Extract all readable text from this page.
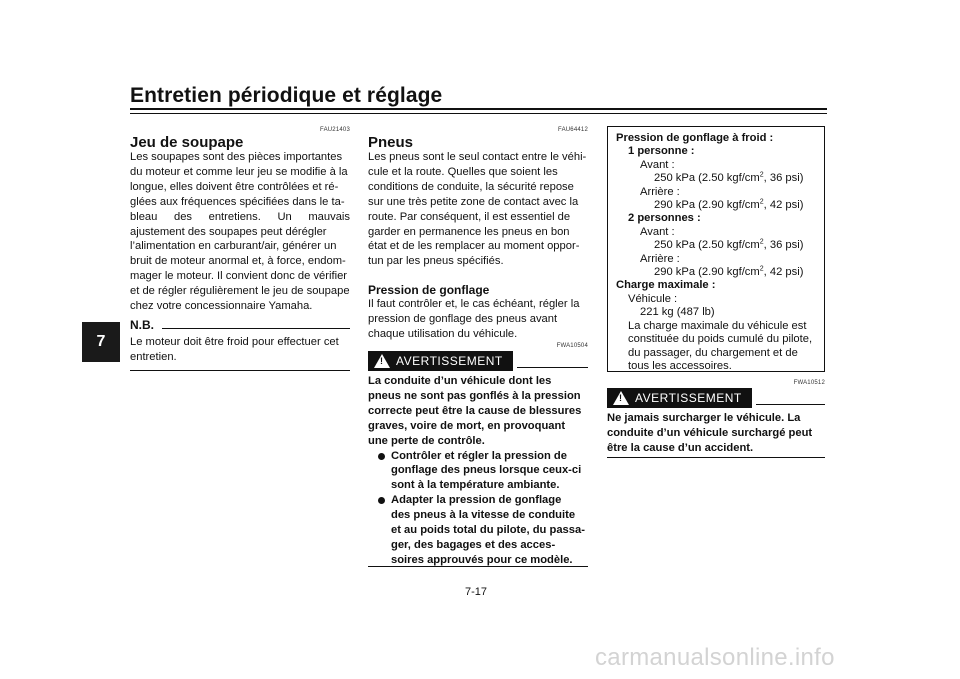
Entretien périodique et réglage
7
FAU21403
Jeu de soupape
Les soupapes sont des pièces importantes
du moteur et comme leur jeu se modifie à la
longue, elles doivent être contrôlées et ré-
glées aux fréquences spécifiées dans le ta-
bleau des entretiens. Un mauvais
ajustement des soupapes peut dérégler
l’alimentation en carburant/air, générer un
bruit de moteur anormal et, à force, endom-
mager le moteur. Il convient donc de vérifier
et de régler régulièrement le jeu de soupape
chez votre concessionnaire Yamaha.
N.B.
Le moteur doit être froid pour effectuer cet
entretien.
FAU64412
Pneus
Les pneus sont le seul contact entre le véhi-
cule et la route. Quelles que soient les
conditions de conduite, la sécurité repose
sur une très petite zone de contact avec la
route. Par conséquent, il est essentiel de
garder en permanence les pneus en bon
état et de les remplacer au moment oppor-
tun par les pneus spécifiés.
Pression de gonflage
Il faut contrôler et, le cas échéant, régler la
pression de gonflage des pneus avant
chaque utilisation du véhicule.
FWA10504
! AVERTISSEMENT
La conduite d’un véhicule dont les
pneus ne sont pas gonflés à la pression
correcte peut être la cause de blessures
graves, voire de mort, en provoquant
une perte de contrôle.
Contrôler et régler la pression de
gonflage des pneus lorsque ceux-ci
sont à la température ambiante.
Adapter la pression de gonflage
des pneus à la vitesse de conduite
et au poids total du pilote, du passa-
ger, des bagages et des acces-
soires approuvés pour ce modèle.
Pression de gonflage à froid :
1 personne :
Avant :
250 kPa (2.50 kgf/$cm^2$, 36 psi)
Arrière :
290 kPa (2.90 kgf/$cm^2$, 42 psi)
2 personnes :
Avant :
250 kPa (2.50 kgf/$cm^2$, 36 psi)
Arrière :
290 kPa (2.90 kgf/$cm^2$, 42 psi)
Charge maximale :
Véhicule :
221 kg (487 lb)
La charge maximale du véhicule est
constituée du poids cumulé du pilote,
du passager, du chargement et de
tous les accessoires.
FWA10512
! AVERTISSEMENT
Ne jamais surcharger le véhicule. La
conduite d’un véhicule surchargé peut
être la cause d’un accident.
7-17
carmanualsonline.info
